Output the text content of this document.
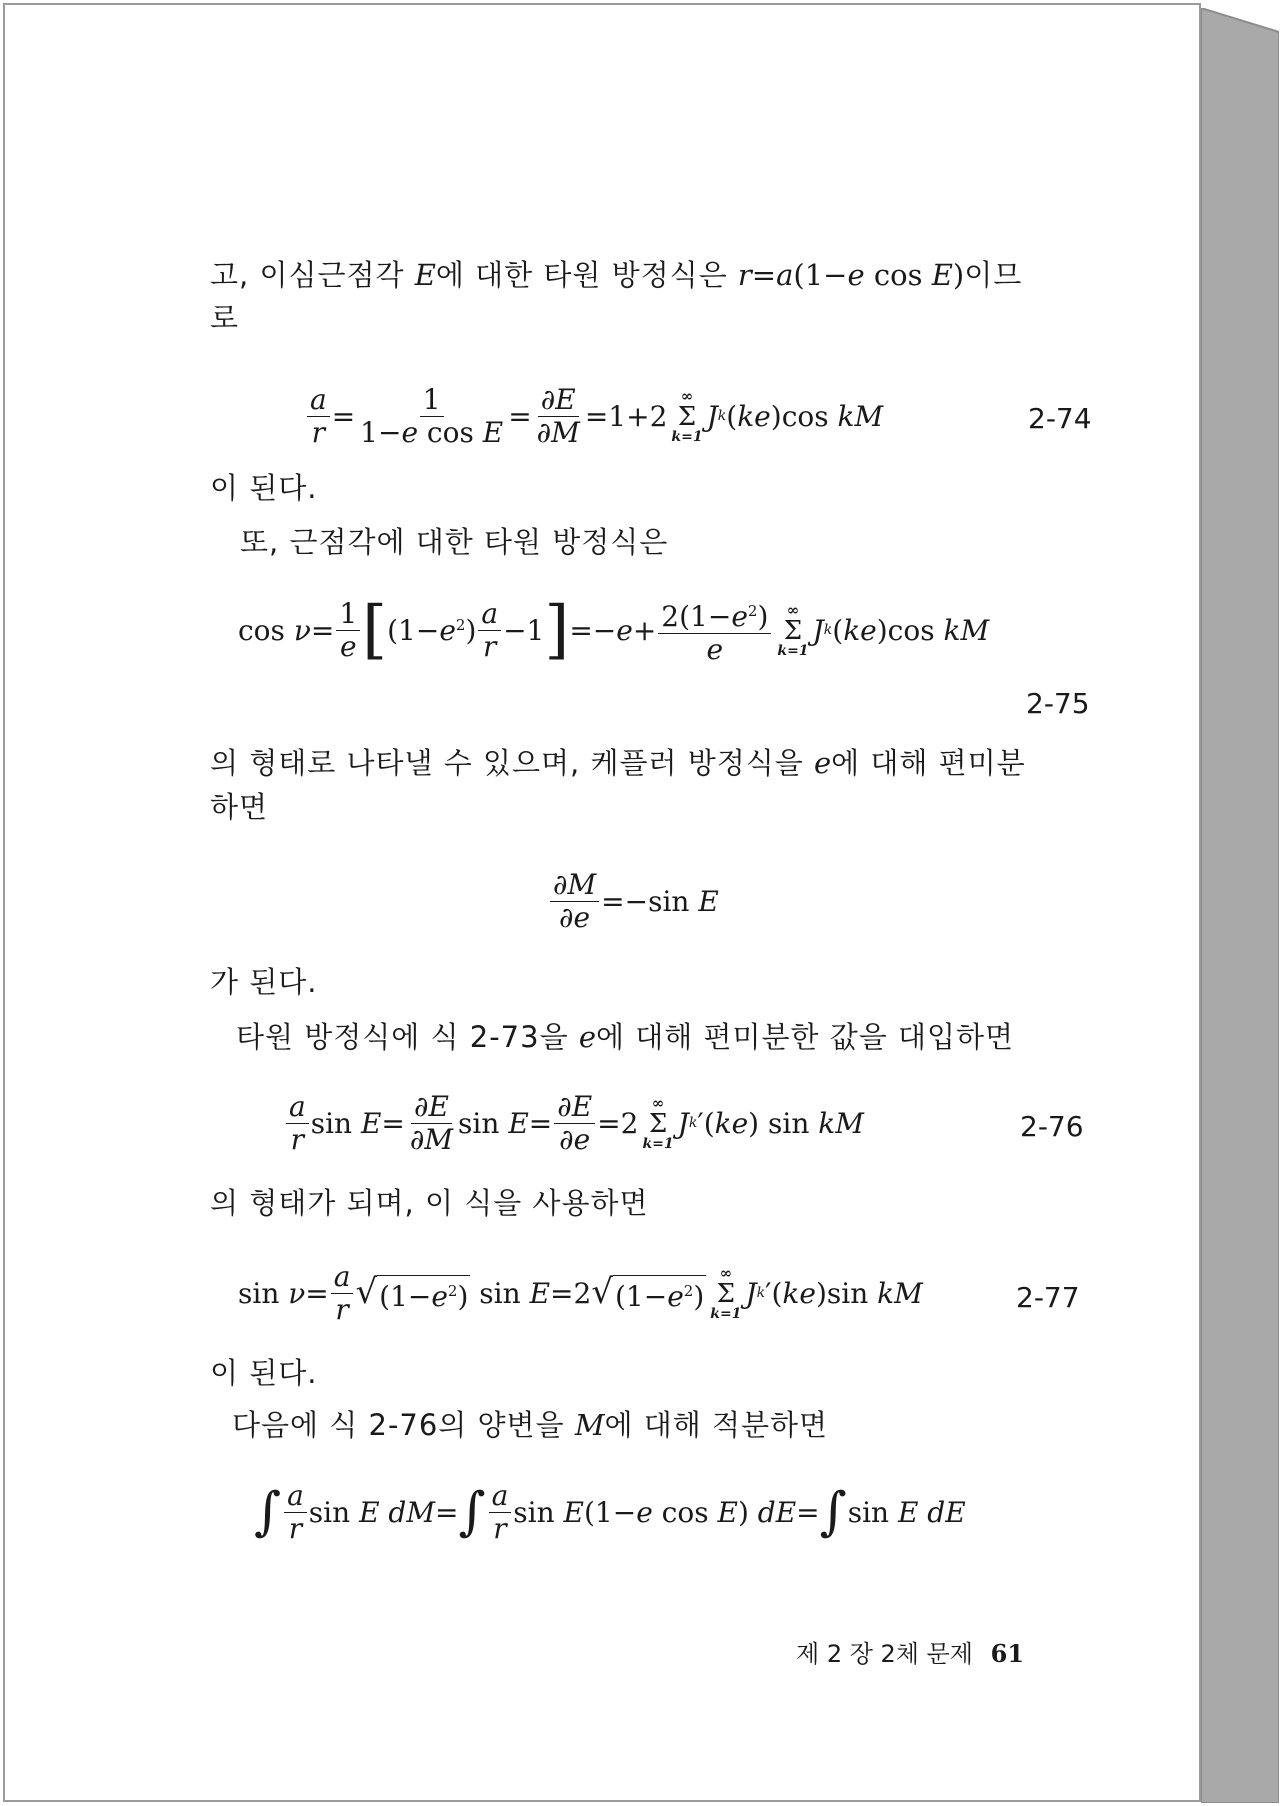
고, 이심근점각 E에 대한 타원 방정식은 r=a(1−e cos E)이므
로
$\frac{a}{r} = \frac{1}{\text{1−e cos E}} = \frac{\partial E}{\partial M} =1+2$
∞
Σ
k=1
J k (ke)cos kM	2-74
이 된다.
또, 근점각에 대한 타원 방정식은
$\cos \nu= \frac{1}{e}$ [ $(1-e^2) \frac{a}{r} -1$ ] $=-e+ \frac{2(1-e^2)}{e}$ ∞
Σ
k=1
J k (ke)cos kM
2-75
의 형태로 나타낼 수 있으며, 케플러 방정식을 e에 대해 편미분
하면
$\frac{\partial M}{\partial e} =-\sin$ E
가 된다.
타원 방정식에 식 2-73을 e에 대해 편미분한 값을 대입하면
$\frac{a}{r}$ $\sin E= \frac{\partial E}{\partial M}$ $\sin E= \frac{\partial E}{\partial e} =2$
∞
Σ
k=1
J k ′(ke) sin kM	2-76
의 형태가 되며, 이 식을 사용하면
$\sin \nu= \frac{a}{r}$ √ $(1-e^2)$ sin E=2 √ $(1-e^2)$
∞
Σ
k=1
J k ′(ke)sin kM	2-77
이 된다.
다음에 식 2-76의 양변을 M에 대해 적분하면
∫ $\frac{a}{r}$ sin E dM= ∫ $\frac{a}{r}$ sin E(1−e cos E) dE= ∫ sin E dE
제 2 장 2체 문제 61
